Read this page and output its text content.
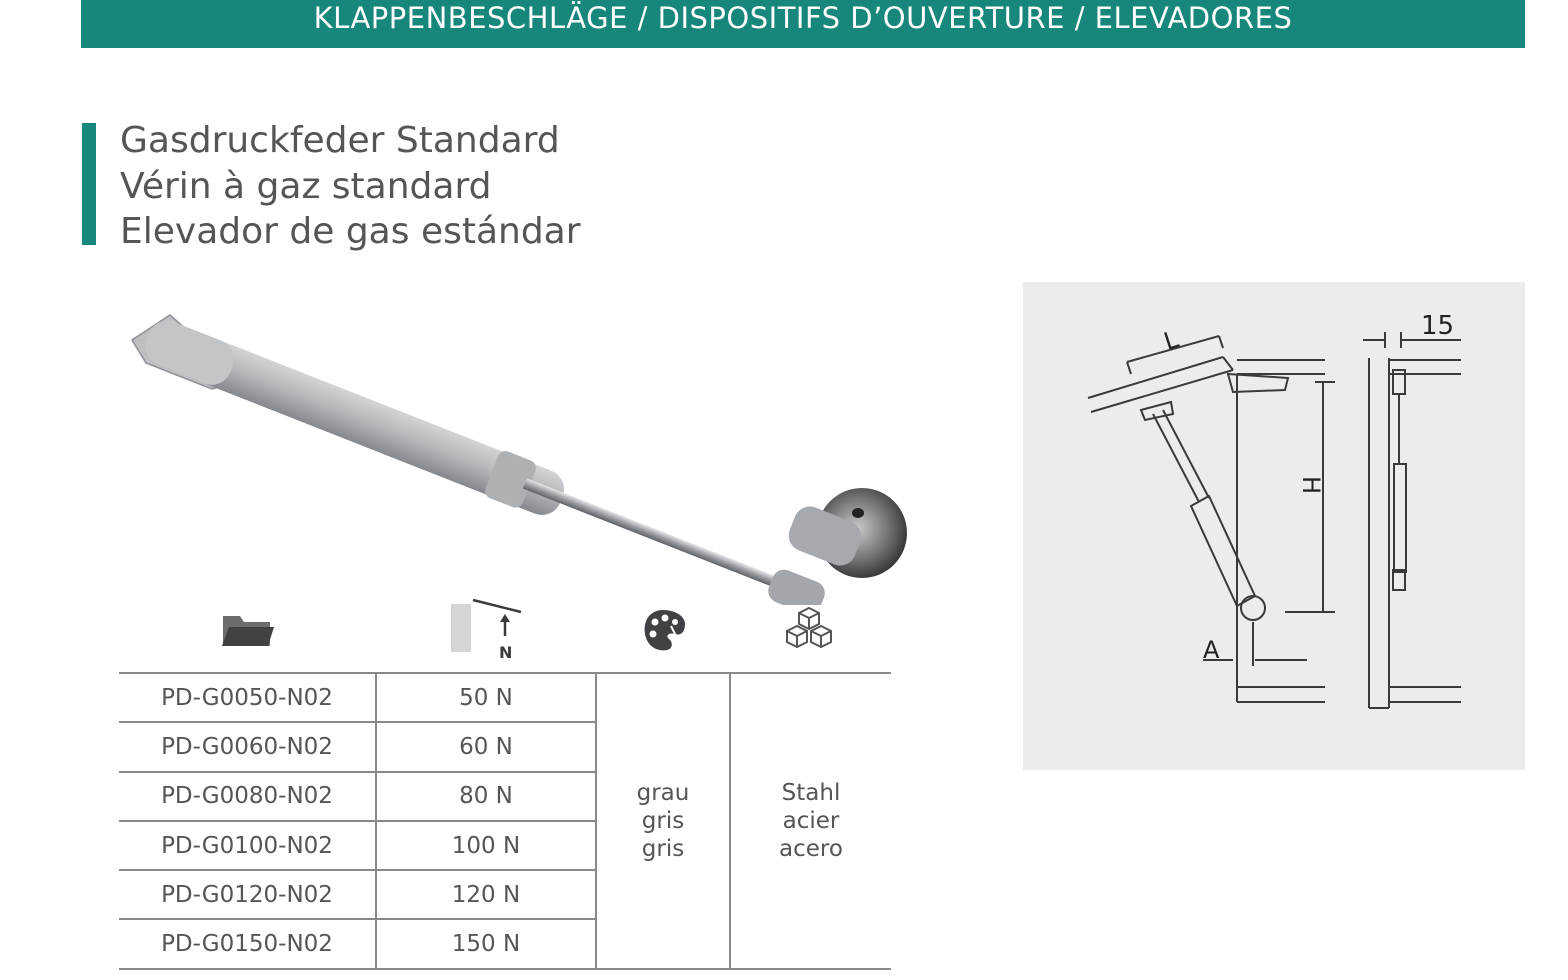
KLAPPENBESCHLÄGE / DISPOSITIFS D’OUVERTURE / ELEVADORES
Gasdruckfeder Standard
Vérin à gaz standard
Elevador de gas estándar
L
H
A
15
N
PD-G0050-N02	50 N	grau
gris
gris	Stahl
acier
acero

PD-G0060-N02	60 N		
PD-G0080-N02	80 N		
PD-G0100-N02	100 N		
PD-G0120-N02	120 N		
PD-G0150-N02	150 N		
